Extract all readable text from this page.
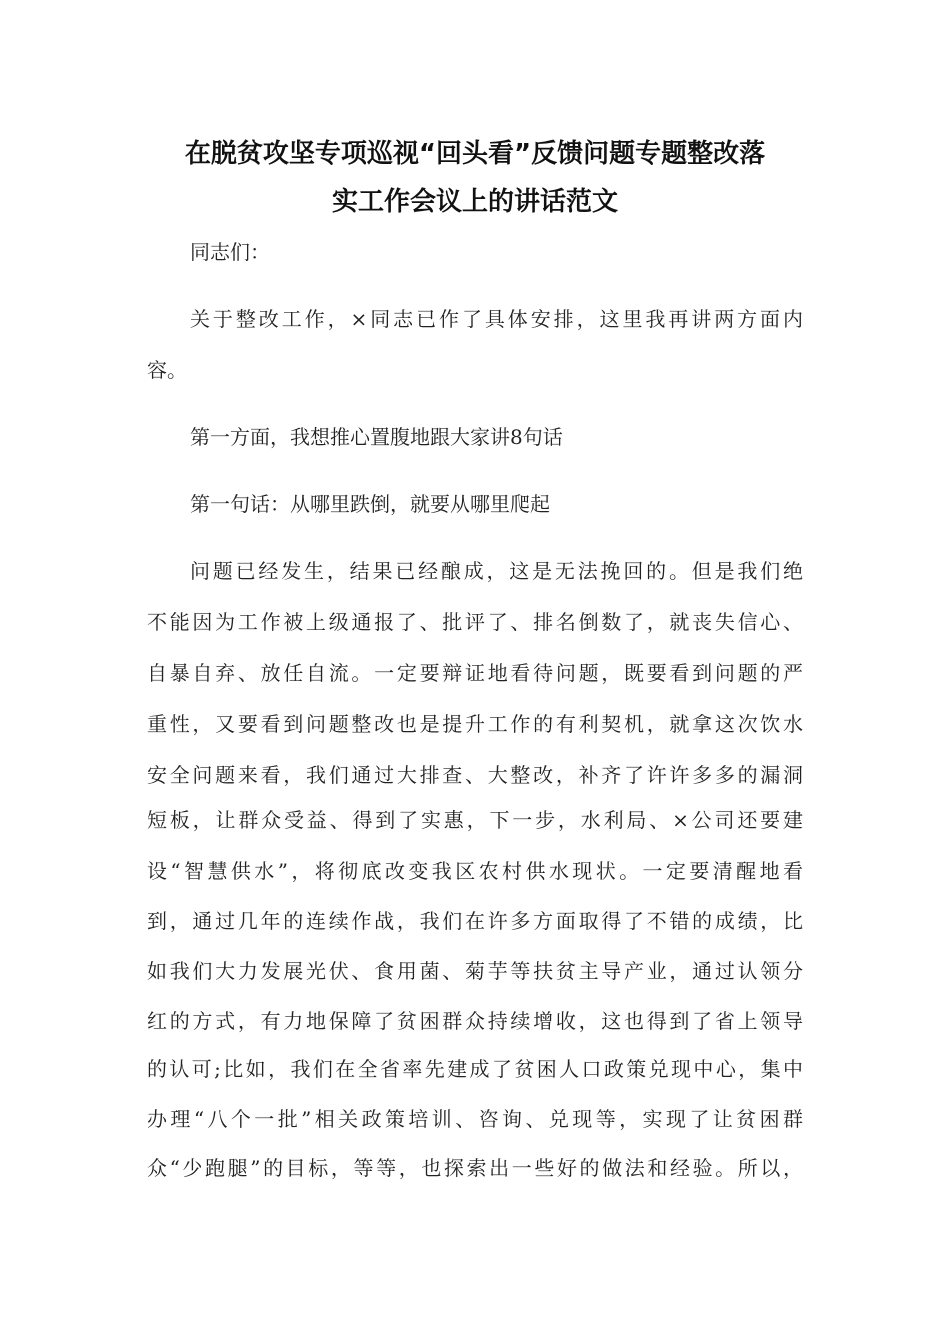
在脱贫攻坚专项巡视“回头看”反馈问题专题整改落
实工作会议上的讲话范文
同志们：
关于整改工作，×同志已作了具体安排，这里我再讲两方面内
容。
第一方面，我想推心置腹地跟大家讲8句话
第一句话：从哪里跌倒，就要从哪里爬起
问题已经发生，结果已经酿成，这是无法挽回的。但是我们绝
不能因为工作被上级通报了、批评了、排名倒数了，就丧失信心、
自暴自弃、放任自流。一定要辩证地看待问题，既要看到问题的严
重性，又要看到问题整改也是提升工作的有利契机，就拿这次饮水
安全问题来看，我们通过大排查、大整改，补齐了许许多多的漏洞
短板，让群众受益、得到了实惠，下一步，水利局、×公司还要建
设“智慧供水”，将彻底改变我区农村供水现状。一定要清醒地看
到，通过几年的连续作战，我们在许多方面取得了不错的成绩，比
如我们大力发展光伏、食用菌、菊芋等扶贫主导产业，通过认领分
红的方式，有力地保障了贫困群众持续增收，这也得到了省上领导
的认可;比如，我们在全省率先建成了贫困人口政策兑现中心，集中
办理“八个一批”相关政策培训、咨询、兑现等，实现了让贫困群
众“少跑腿”的目标，等等，也探索出一些好的做法和经验。所以，
